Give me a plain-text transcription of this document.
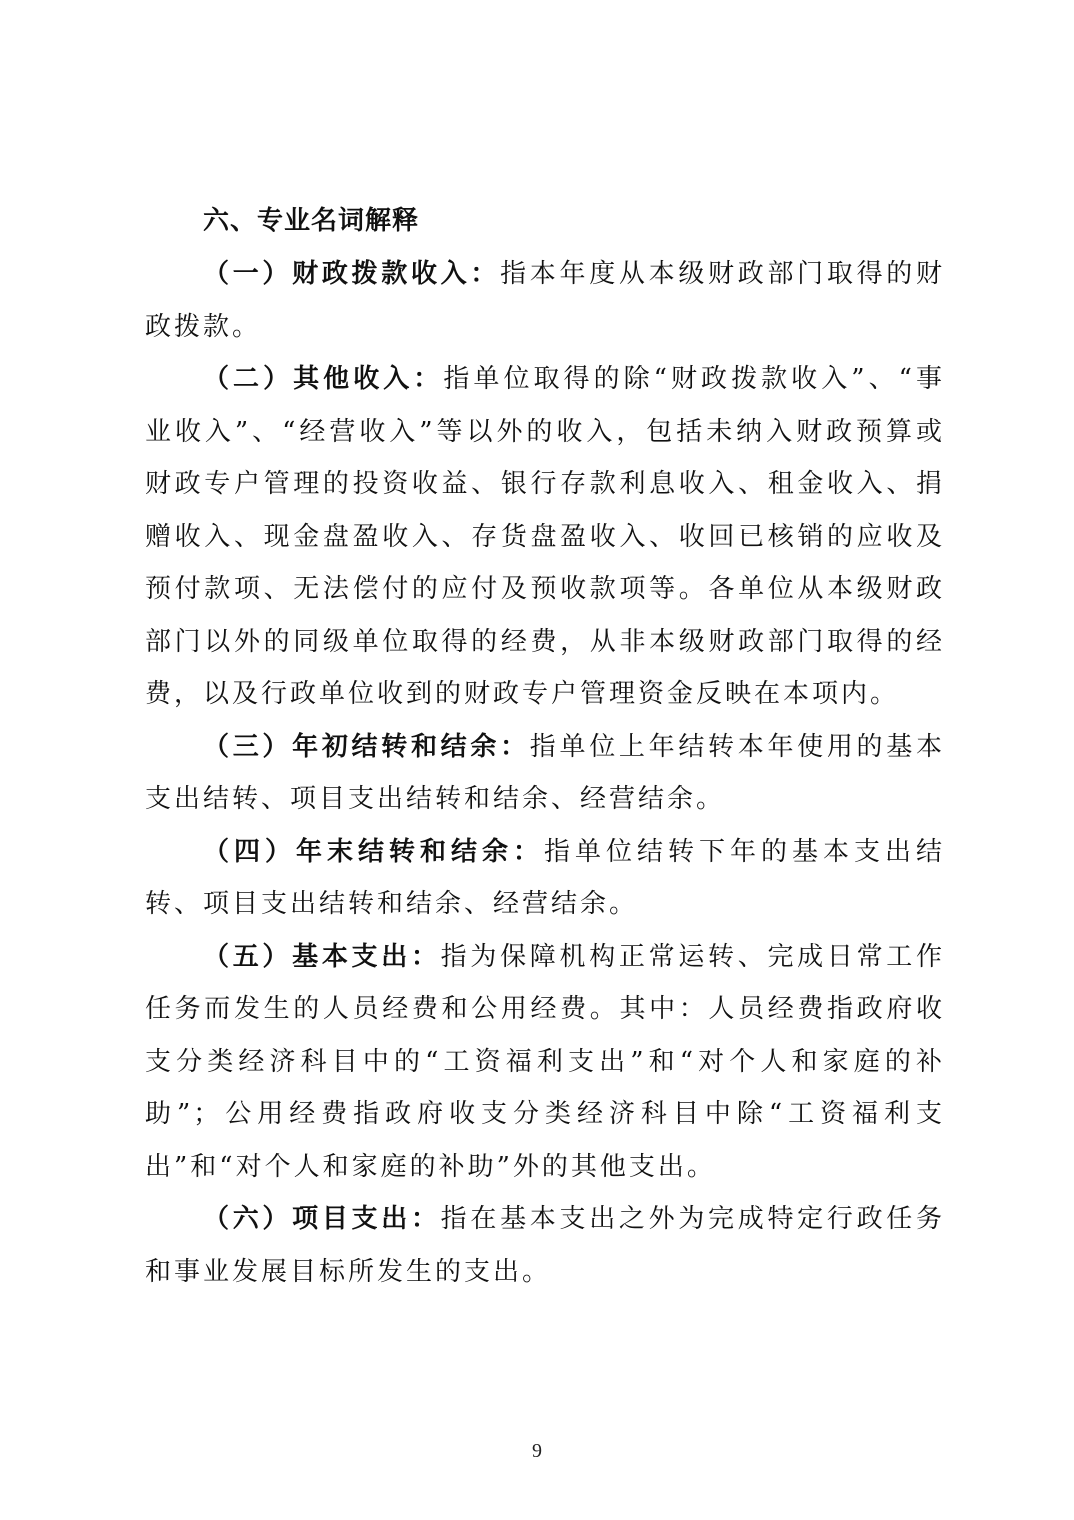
六、专业名词解释

（一）财政拨款收入：指本年度从本级财政部门取得的财政拨款。

（二）其他收入：指单位取得的除“财政拨款收入”、“事业收入”、“经营收入”等以外的收入，包括未纳入财政预算或财政专户管理的投资收益、银行存款利息收入、租金收入、捐赠收入、现金盘盈收入、存货盘盈收入、收回已核销的应收及预付款项、无法偿付的应付及预收款项等。各单位从本级财政部门以外的同级单位取得的经费，从非本级财政部门取得的经费，以及行政单位收到的财政专户管理资金反映在本项内。

（三）年初结转和结余：指单位上年结转本年使用的基本支出结转、项目支出结转和结余、经营结余。

（四）年末结转和结余：指单位结转下年的基本支出结转、项目支出结转和结余、经营结余。

（五）基本支出：指为保障机构正常运转、完成日常工作任务而发生的人员经费和公用经费。其中：人员经费指政府收支分类经济科目中的“工资福利支出”和“对个人和家庭的补助”；公用经费指政府收支分类经济科目中除“工资福利支出”和“对个人和家庭的补助”外的其他支出。

（六）项目支出：指在基本支出之外为完成特定行政任务和事业发展目标所发生的支出。

9
